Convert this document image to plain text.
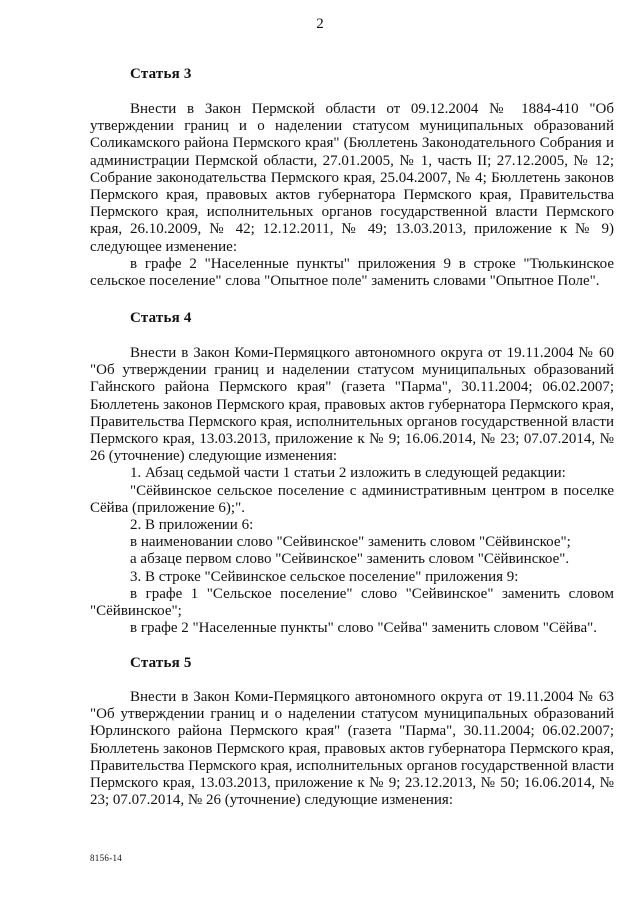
2
Статья 3

Внести в Закон Пермской области от 09.12.2004 № 1884-410 "Об утверждении границ и о наделении статусом муниципальных образований Соликамского района Пермского края" (Бюллетень Законодательного Собрания и администрации Пермской области, 27.01.2005, № 1, часть II; 27.12.2005, № 12; Собрание законодательства Пермского края, 25.04.2007, № 4; Бюллетень законов Пермского края, правовых актов губернатора Пермского края, Правительства Пермского края, исполнительных органов государственной власти Пермского края, 26.10.2009, № 42; 12.12.2011, № 49; 13.03.2013, приложение к № 9) следующее изменение:

в графе 2 "Населенные пункты" приложения 9 в строке "Тюлькинское сельское поселение" слова "Опытное поле" заменить словами "Опытное Поле".

Статья 4

Внести в Закон Коми-Пермяцкого автономного округа от 19.11.2004 № 60 "Об утверждении границ и наделении статусом муниципальных образований Гайнского района Пермского края" (газета "Парма", 30.11.2004; 06.02.2007; Бюллетень законов Пермского края, правовых актов губернатора Пермского края, Правительства Пермского края, исполнительных органов государственной власти Пермского края, 13.03.2013, приложение к № 9; 16.06.2014, № 23; 07.07.2014, № 26 (уточнение) следующие изменения:

1. Абзац седьмой части 1 статьи 2 изложить в следующей редакции:

"Сёйвинское сельское поселение с административным центром в поселке Сёйва (приложение 6);".

2. В приложении 6:

в наименовании слово "Сейвинское" заменить словом "Сёйвинское";

а абзаце первом слово "Сейвинское" заменить словом "Сёйвинское".

3. В строке "Сейвинское сельское поселение" приложения 9:

в графе 1 "Сельское поселение" слово "Сейвинское" заменить словом "Сёйвинское";

в графе 2 "Населенные пункты" слово "Сейва" заменить словом "Сёйва".

Статья 5

Внести в Закон Коми-Пермяцкого автономного округа от 19.11.2004 № 63 "Об утверждении границ и о наделении статусом муниципальных образований Юрлинского района Пермского края" (газета "Парма", 30.11.2004; 06.02.2007; Бюллетень законов Пермского края, правовых актов губернатора Пермского края, Правительства Пермского края, исполнительных органов государственной власти Пермского края, 13.03.2013, приложение к № 9; 23.12.2013, № 50; 16.06.2014, № 23; 07.07.2014, № 26 (уточнение) следующие изменения:

8156-14
